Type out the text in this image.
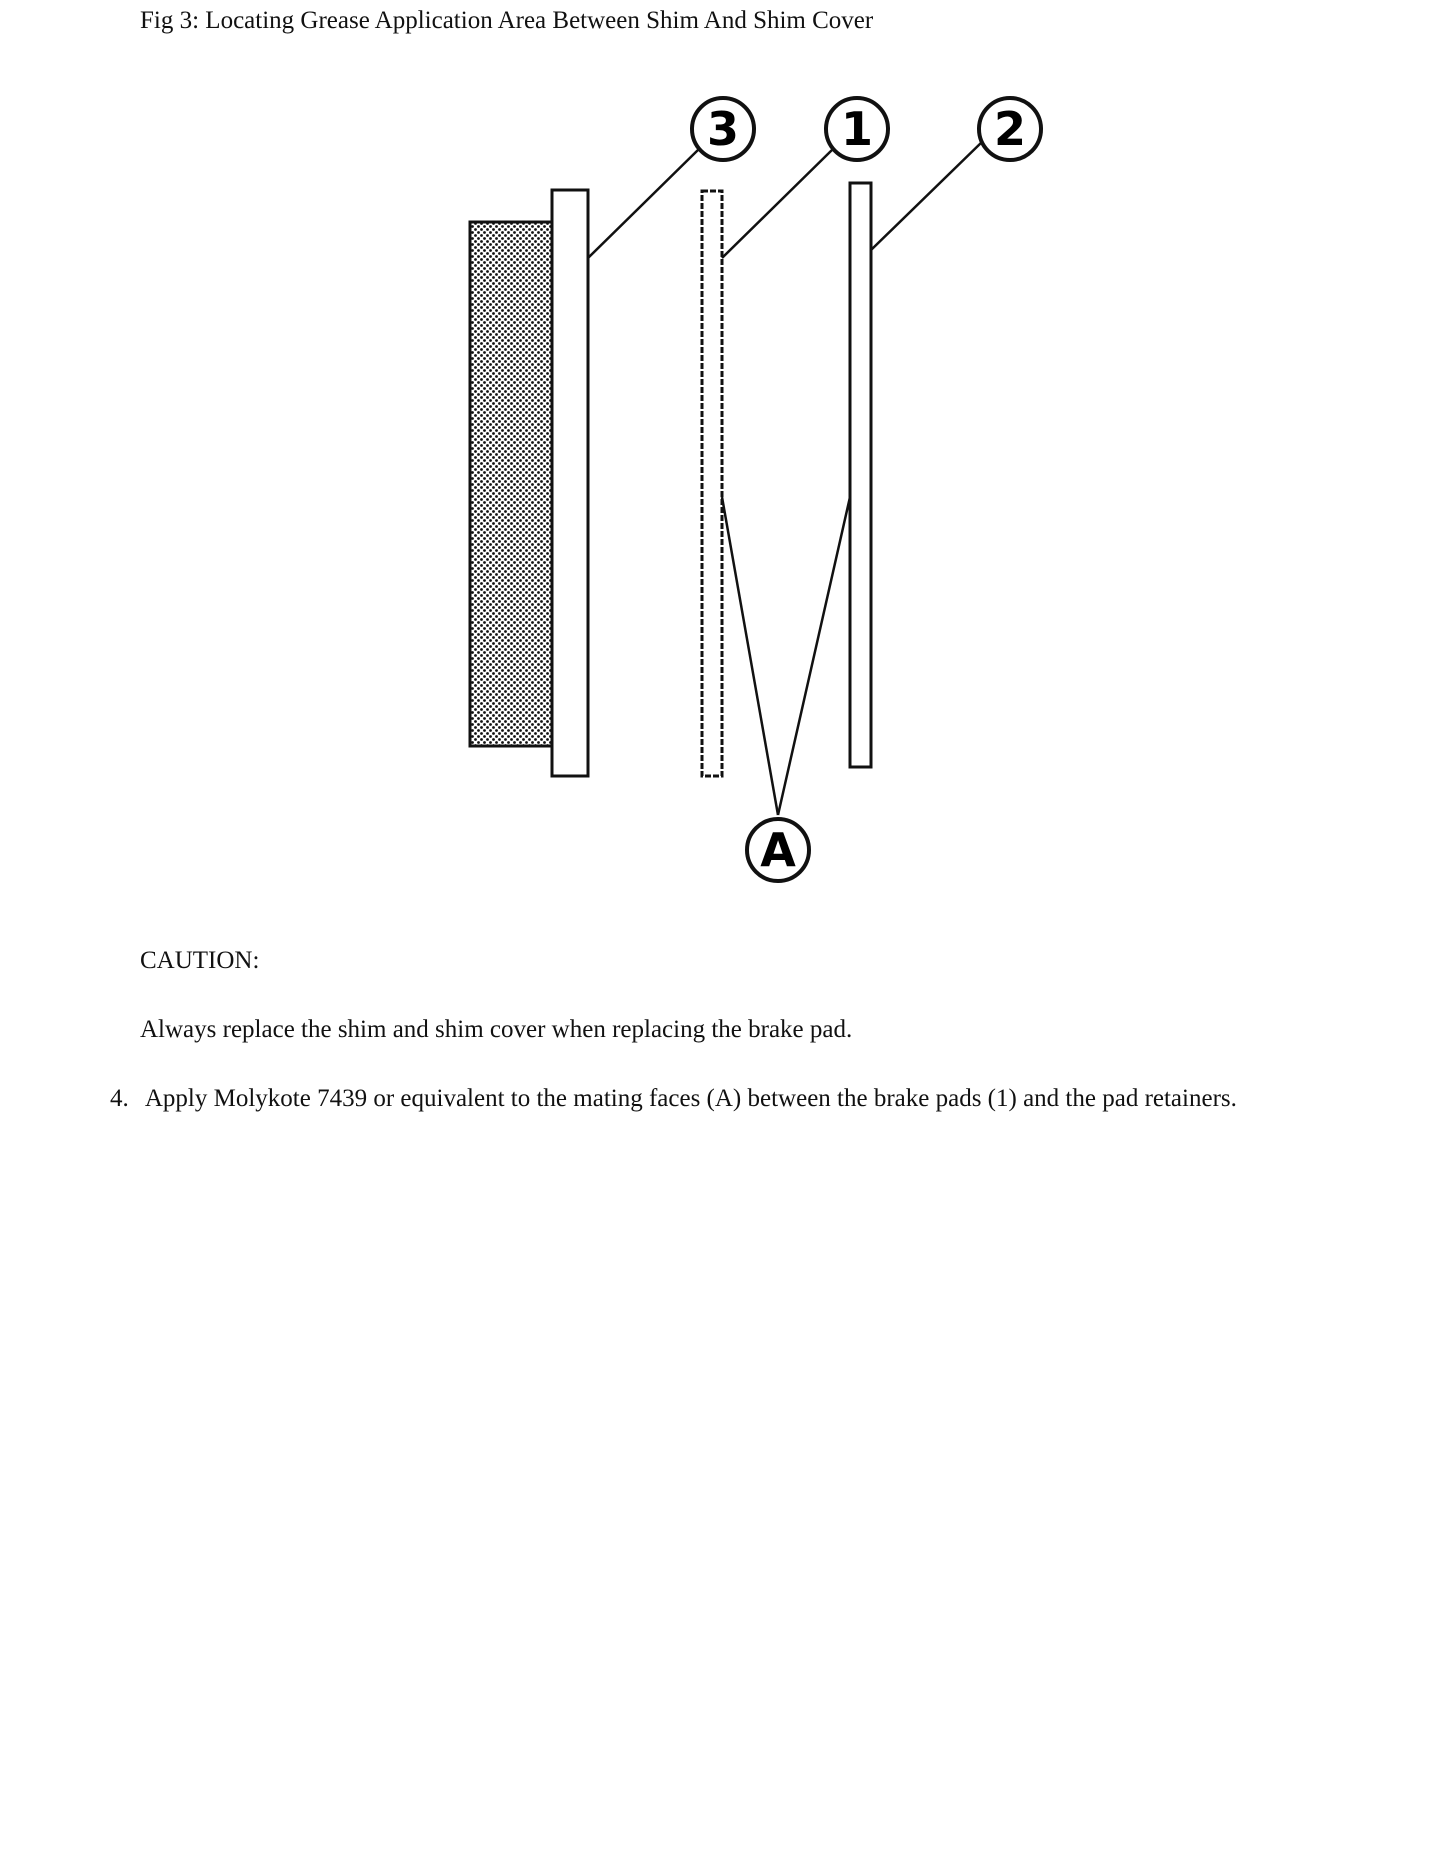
Fig 3: Locating Grease Application Area Between Shim And Shim Cover
3 1	2
A
CAUTION:
Always replace the shim and shim cover when replacing the brake pad.
4. Apply Molykote 7439 or equivalent to the mating faces (A) between the brake pads (1) and the pad retainers.
